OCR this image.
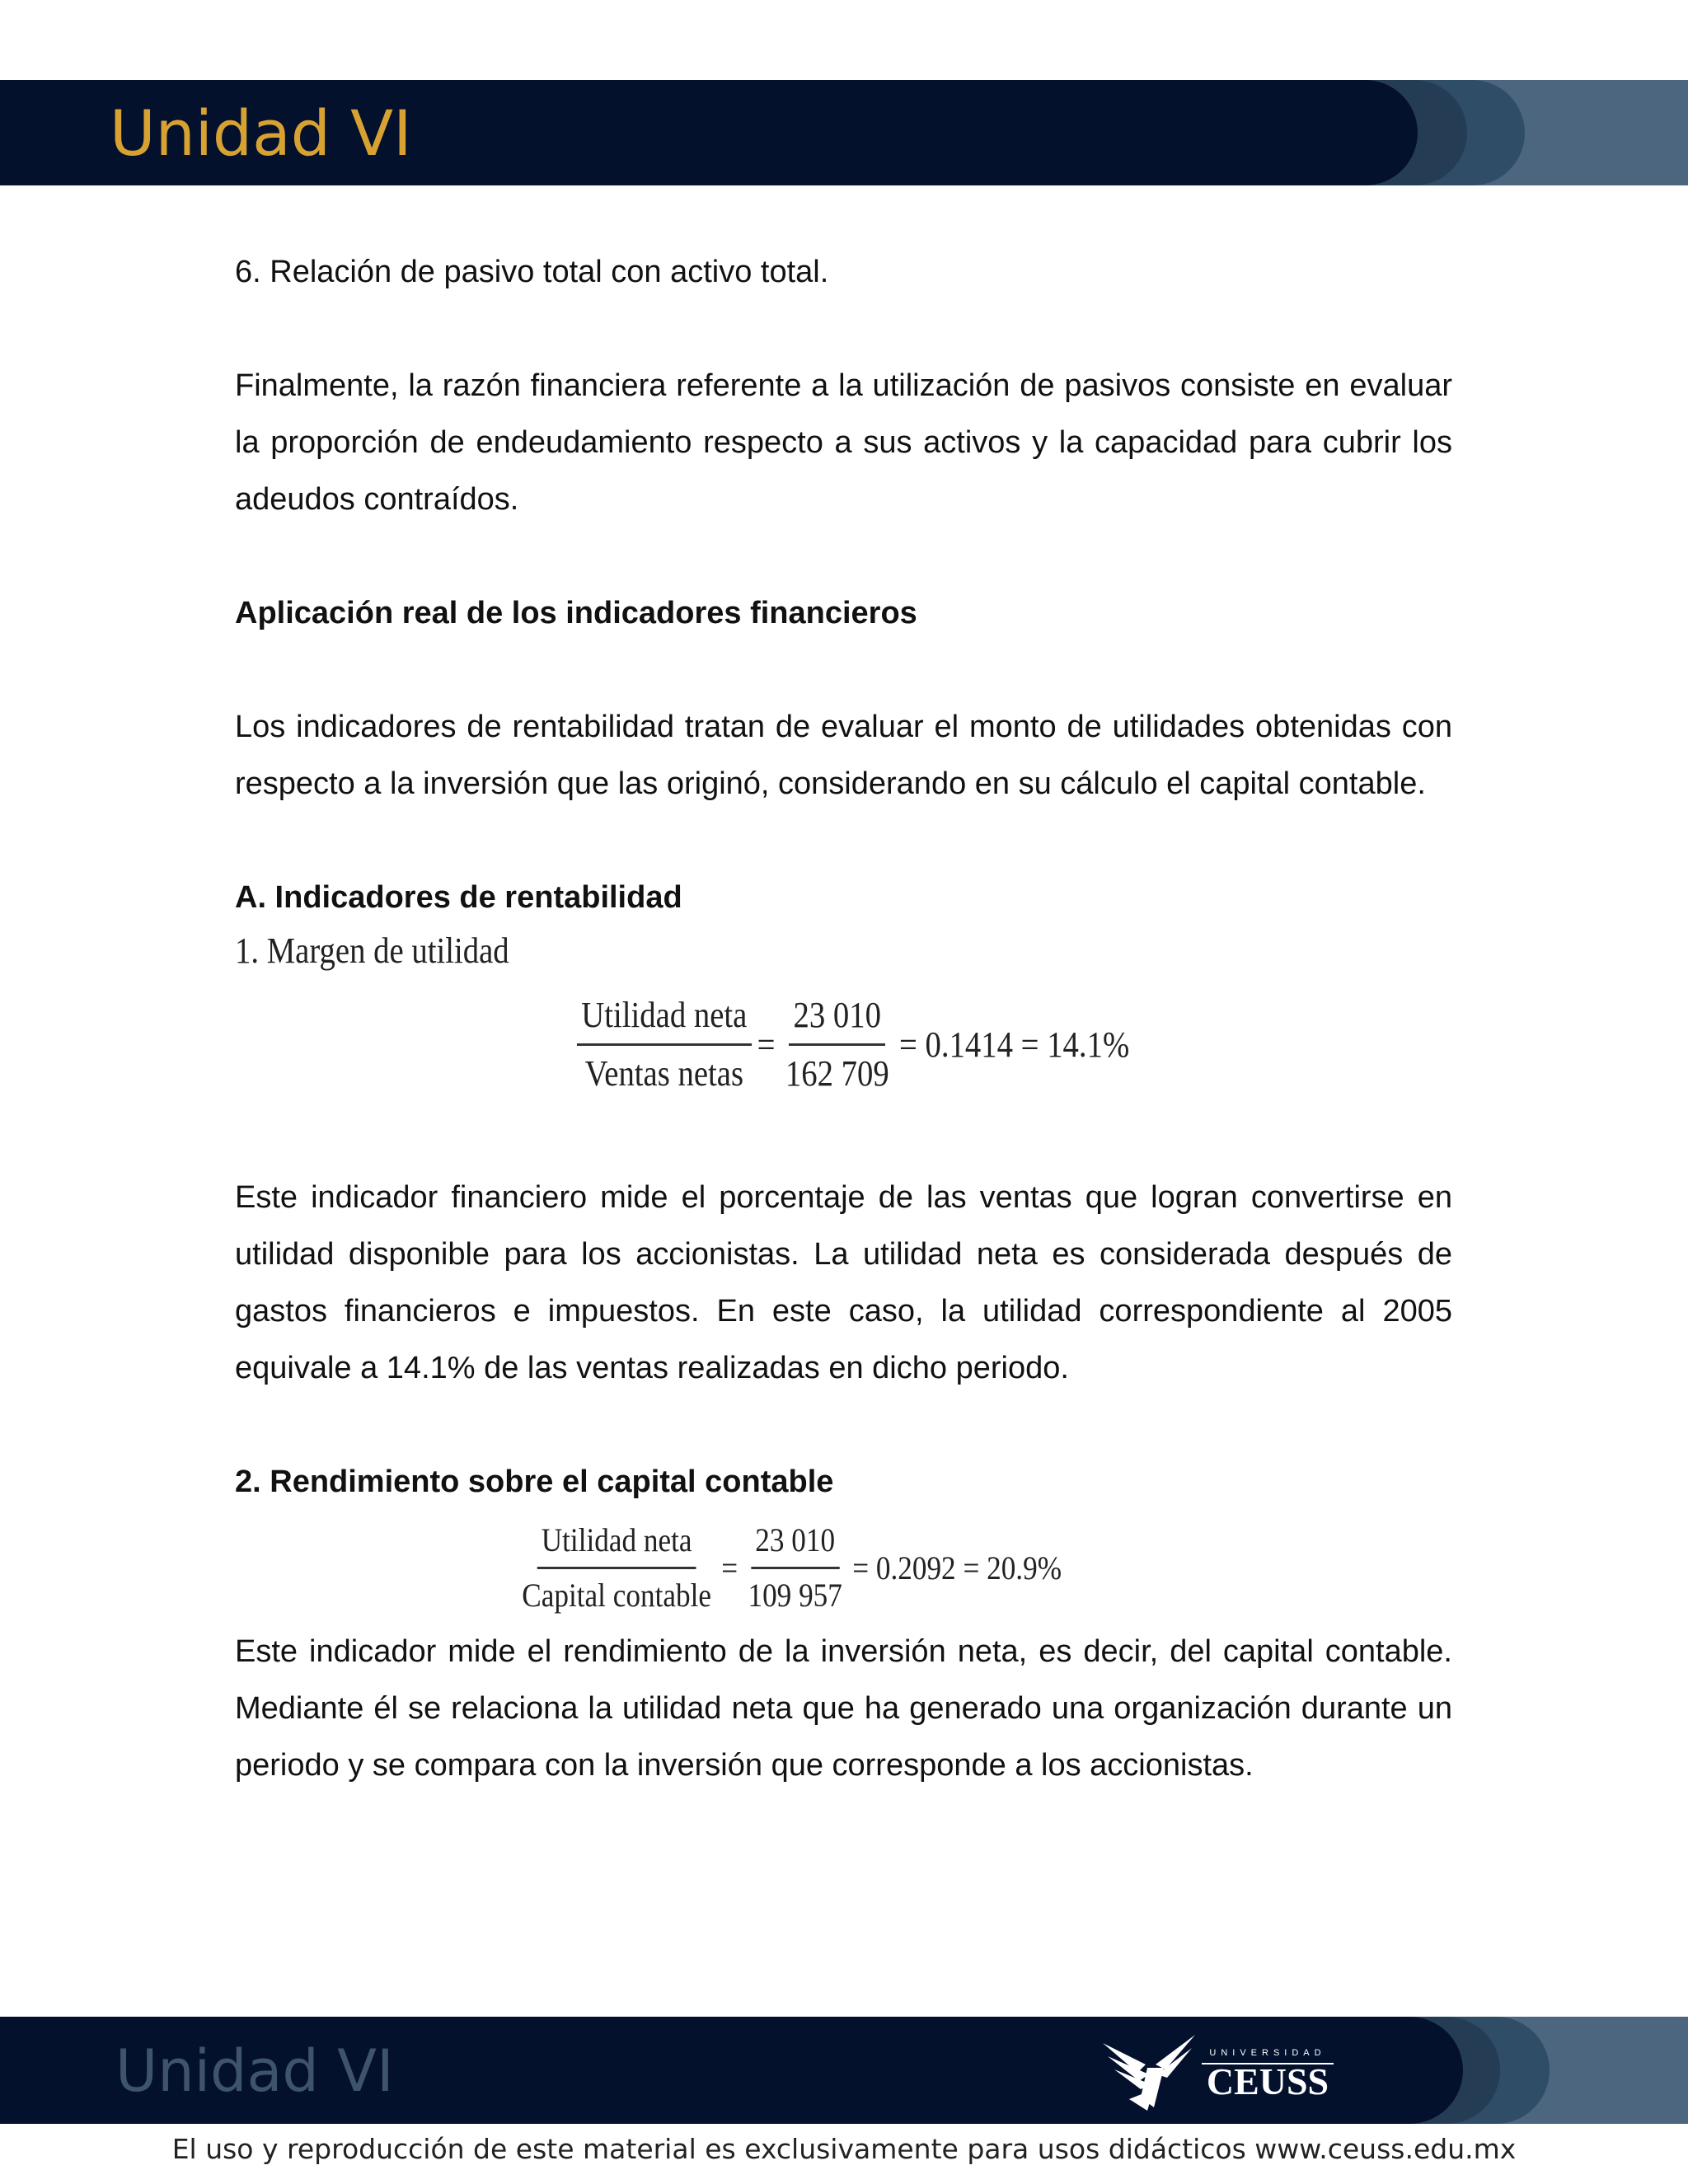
Unidad VI

6. Relación de pasivo total con activo total.

Finalmente, la razón financiera referente a la utilización de pasivos consiste en evaluar la proporción de endeudamiento respecto a sus activos y la capacidad para cubrir los adeudos contraídos.

Aplicación real de los indicadores financieros

Los indicadores de rentabilidad tratan de evaluar el monto de utilidades obtenidas con respecto a la inversión que las originó, considerando en su cálculo el capital contable.

A. Indicadores de rentabilidad

1. Margen de utilidad

$\frac{\text{Utilidad neta}}{\text{Ventas netas}} = \frac{23 010}{162 709} = 0.1414 = 14.1\%$

Este indicador financiero mide el porcentaje de las ventas que logran convertirse en utilidad disponible para los accionistas. La utilidad neta es considerada después de gastos financieros e impuestos. En este caso, la utilidad correspondiente al 2005 equivale a 14.1% de las ventas realizadas en dicho periodo.

2. Rendimiento sobre el capital contable
$\frac{\text{Utilidad neta}}{\text{Capital contable}} = \frac{23 010}{109 957} = 0.2092 = 20.9\%$

Este indicador mide el rendimiento de la inversión neta, es decir, del capital contable. Mediante él se relaciona la utilidad neta que ha generado una organización durante un periodo y se compara con la inversión que corresponde a los accionistas.

Unidad VI	UNIVERSIDAD
CEUSS

El uso y reproducción de este material es exclusivamente para usos didácticos www.ceuss.edu.mx
